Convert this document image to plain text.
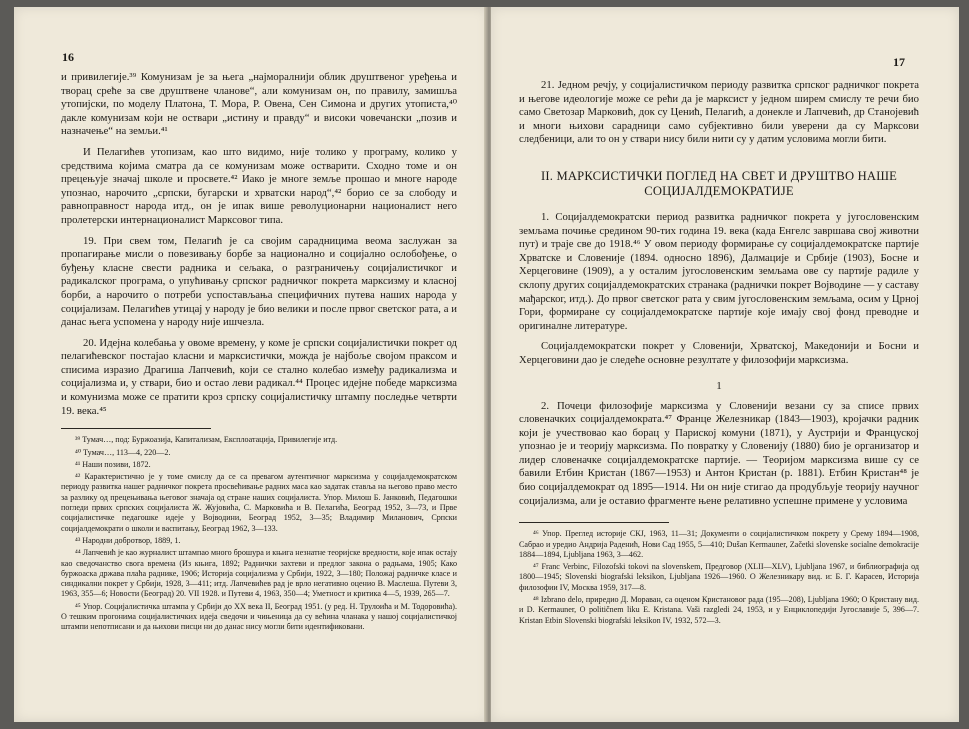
16

и привилегије.³⁹ Комунизам је за њега „најморалнији облик друштвеног уређења и творац среће за све друштвене чланове“, али комунизам он, по правилу, замишља утопијски, по моделу Платона, Т. Мора, Р. Овена, Сен Симона и других утописта,⁴⁰ дакле комунизам који не оствари „истину и правду“ и високи човечански „позив и назначење“ на земљи.⁴¹

И Пелагићев утопизам, као што видимо, није толико у програму, колико у средствима којима сматра да се комунизам може остварити. Сходно томе и он прецењује значај школе и просвете.⁴² Иако је многе земље прошао и многе народе упознао, нарочито „српски, бугарски и хрватски народ“,⁴² борио се за слободу и равноправност народа итд., он је ипак више револуционарни националист него пролетерски интернационалист Марксовог типа.

19. При свем том, Пелагић је са својим сарадницима веома заслужан за пропагирање мисли о повезивању борбе за национално и социјално ослобођење, о буђењу класне свести радника и сељака, о разграничењу социјалистичког и радикалског програма, о упућивању српског радничког покрета марксизму и класној борби, а нарочито о потреби успостављања специфичних путева наших народа у социјализам. Пелагићев утицај у народу је био велики и после првог светског рата, а и данас њега успомена у народу није ишчезла.

20. Идејна колебања у овоме времену, у коме је српски социјалистички покрет од пелагићевског постајао класни и марксистички, можда је најбоље својом праксом и списима изразио Драгиша Лапчевић, који се стално колебао између радикализма и социјализма и, у ствари, био и остао леви радикал.⁴⁴ Процес идејне победе марксизма и комунизма може се пратити кроз српску социјалистичку штампу последње четврти 19. века.⁴⁵

³⁹ Тумач…, под: Буржоазија, Капитализам, Експлоатација, Привилегије итд.

⁴⁰ Тумач…, 113—4, 220—2.

⁴¹ Наши позиви, 1872.

⁴² Карактеристично је у томе смислу да се са превагом аутентичног марксизма у социјалдемократском периоду развитка нашег радничког покрета просвећивање радних маса као задатак ставља на његово право место за разлику од прецењивања његовог значаја од стране наших социјалиста. Упор. Милош Б. Јанковић, Педагошки погледи првих српских социјалиста Ж. Жујовића, С. Марковића и В. Пелагића, Београд 1952, 3—73, и Прве социјалистичке педагошке идеје у Војводини, Београд 1952, 3—35; Владимир Миланович, Српски социјалдемократи о школи и васпитању, Београд 1962, 3—133.

⁴³ Народни добротвор, 1889, 1.

⁴⁴ Лапчевић је као журналист штампао много брошура и књига незнатне теоријске вредности, које ипак остају као сведочанство свога времена (Из књига, 1892; Раднички захтеви и предлог закона о радњама, 1905; Како буржоаска држава плаћа раднике, 1906; Историја социјализма у Србији, 1922, 3—180; Положај радничке класе и синдикални покрет у Србији, 1928, 3—411; итд. Лапчевићев рад је врло негативно оценио В. Маслеша. Путеви 3, 1963, 355—6; Новости (Београд) 20. VII 1928. и Путеви 4, 1963, 350—4; Уметност и критика 4—5, 1939, 265—7.

⁴⁵ Упор. Социјалистичка штампа у Србији до XX века II, Београд 1951. (у ред. Н. Трулоића и М. Тодоровића). О тешким прогонима социјалистичких идеја сведочи и чињеница да су већина чланака у нашој социјалистичкој штампи непотписани и да њихови писци ни до данас нису могли бити идентификовани.

17

21. Једном речју, у социјалистичком периоду развитка српског радничког покрета и његове идеологије може се рећи да је марксист у једном ширем смислу те речи био само Светозар Марковић, док су Ценић, Пелагић, а донекле и Лапчевић, др Станојевић и многи њихови сарадници само субјективно били уверени да су Марксови следбеници, али то он у ствари нису били нити су у датим условима могли бити.

II. МАРКСИСТИЧКИ ПОГЛЕД НА СВЕТ И ДРУШТВО НАШЕ СОЦИЈАЛДЕМОКРАТИЈЕ

1. Социјалдемократски период развитка радничког покрета у југословенским земљама почиње средином 90-тих година 19. века (када Енгелс завршава свој животни пут) и траје све до 1918.⁴⁶ У овом периоду формирање су социјалдемократске партије Хрватске и Словеније (1894. односно 1896), Далмације и Србије (1903), Босне и Херцеговине (1909), а у осталим југословенским земљама ове су партије радиле у склопу других социјалдемократских странака (раднички покрет Војводине — у саставу мађарског, итд.). До првог светског рата у свим југословенским земљама, осим у Црној Гори, формиране су социјалдемократске партије које имају свој фонд преводне и оригиналне литературе.

Социјалдемократски покрет у Словенији, Хрватској, Македонији и Босни и Херцеговини дао је следеће основне резултате у филозофији марксизма.

1

2. Почеци филозофије марксизма у Словенији везани су за списе првих словеначких социјалдемократа.⁴⁷ Франце Железникар (1843—1903), кројачки радник који је учествовао као борац у Париској комуни (1871), у Аустрији и Француској упознао је и теорију марксизма. По повратку у Словенију (1880) био је организатор и лидер словеначке социјалдемократске партије. — Теоријом марксизма више су се бавили Етбин Кристан (1867—1953) и Антон Кристан (р. 1881). Етбин Кристан⁴⁸ је био социјалдемократ од 1895—1914. Ни он није стигао да продубљује теорију научног социјализма, али је оставио фрагменте њене релативно успешне примене у условима

⁴⁶ Упор. Преглед историје СКЈ, 1963, 11—31; Документи о социјалистичком покрету у Срему 1894—1908, Сабрао и уредио Андрија Раденић, Нови Сад 1955, 5—410; Dušan Kermauner, Začetki slovenske socialne demokracije 1884—1894, Ljubljana 1963, 3—462.

⁴⁷ Franc Verbinc, Filozofski tokovi na slovenskem, Предговор (XLII—XLV), Ljubljana 1967, и библиографија од 1800—1945; Slovenski biografski leksikon, Ljubljana 1926—1960. О Железникару вид. и: Б. Г. Карасев, Историја филозофии IV, Москва 1959, 317—8.

⁴⁸ Izbrano delo, приредио Д. Мораван, са оценом Кристановог рада (195—208), Ljubljana 1960; О Кристану вид. и D. Kermauner, O političnem liku E. Kristana. Vaši razgledi 24, 1953, и у Енциклопедији Југославије 5, 396—7. Kristan Etbin Slovenski biografski leksikon IV, 1932, 572—3.
